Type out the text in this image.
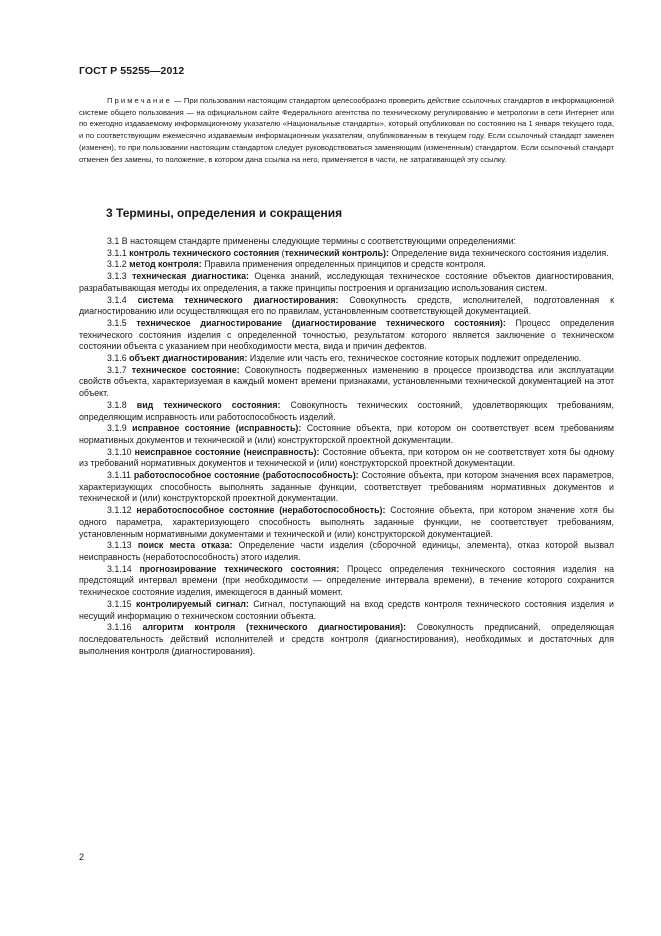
ГОСТ Р 55255—2012

Примечание — При пользовании настоящим стандартом целесообразно проверить действие ссылочных стандартов в информационной системе общего пользования — на официальном сайте Федерального агентства по техническому регулированию и метрологии в сети Интернет или по ежегодно издаваемому информационному указателю «Национальные стандарты», который опубликован по состоянию на 1 января текущего года, и по соответствующим ежемесячно издаваемым информационным указателям, опубликованным в текущем году. Если ссылочный стандарт заменен (изменен), то при пользовании настоящим стандартом следует руководствоваться заменяющим (измененным) стандартом. Если ссылочный стандарт отменен без замены, то положение, в котором дана ссылка на него, применяется в части, не затрагивающей эту ссылку.

3 Термины, определения и сокращения

3.1 В настоящем стандарте применены следующие термины с соответствующими определениями:

3.1.1 контроль технического состояния (технический контроль): Определение вида технического состояния изделия.

3.1.2 метод контроля: Правила применения определенных принципов и средств контроля.

3.1.3 техническая диагностика: Оценка знаний, исследующая техническое состояние объектов диагностирования, разрабатывающая методы их определения, а также принципы построения и организацию использования систем.

3.1.4 система технического диагностирования: Совокупность средств, исполнителей, подготовленная к диагностированию или осуществляющая его по правилам, установленным соответствующей документацией.

3.1.5 техническое диагностирование (диагностирование технического состояния): Процесс определения технического состояния изделия с определенной точностью, результатом которого является заключение о техническом состоянии объекта с указанием при необходимости места, вида и причин дефектов.

3.1.6 объект диагностирования: Изделие или часть его, техническое состояние которых подлежит определению.

3.1.7 техническое состояние: Совокупность подверженных изменению в процессе производства или эксплуатации свойств объекта, характеризуемая в каждый момент времени признаками, установленными технической документацией на этот объект.

3.1.8 вид технического состояния: Совокупность технических состояний, удовлетворяющих требованиям, определяющим исправность или работоспособность изделий.

3.1.9 исправное состояние (исправность): Состояние объекта, при котором он соответствует всем требованиям нормативных документов и технической и (или) конструкторской проектной документации.

3.1.10 неисправное состояние (неисправность): Состояние объекта, при котором он не соответствует хотя бы одному из требований нормативных документов и технической и (или) конструкторской проектной документации.

3.1.11 работоспособное состояние (работоспособность): Состояние объекта, при котором значения всех параметров, характеризующих способность выполнять заданные функции, соответствует требованиям нормативных документов и технической и (или) конструкторской проектной документации.

3.1.12 неработоспособное состояние (неработоспособность): Состояние объекта, при котором значение хотя бы одного параметра, характеризующего способность выполнять заданные функции, не соответствует требованиям, установленным нормативными документами и технической и (или) конструкторской документацией.

3.1.13 поиск места отказа: Определение части изделия (сборочной единицы, элемента), отказ которой вызвал неисправность (неработоспособность) этого изделия.

3.1.14 прогнозирование технического состояния: Процесс определения технического состояния изделия на предстоящий интервал времени (при необходимости — определение интервала времени), в течение которого сохранится техническое состояние изделия, имеющегося в данный момент.

3.1.15 контролируемый сигнал: Сигнал, поступающий на вход средств контроля технического состояния изделия и несущий информацию о техническом состоянии объекта.

3.1.16 алгоритм контроля (технического диагностирования): Совокупность предписаний, определяющая последовательность действий исполнителей и средств контроля (диагностирования), необходимых и достаточных для выполнения контроля (диагностирования).

2
